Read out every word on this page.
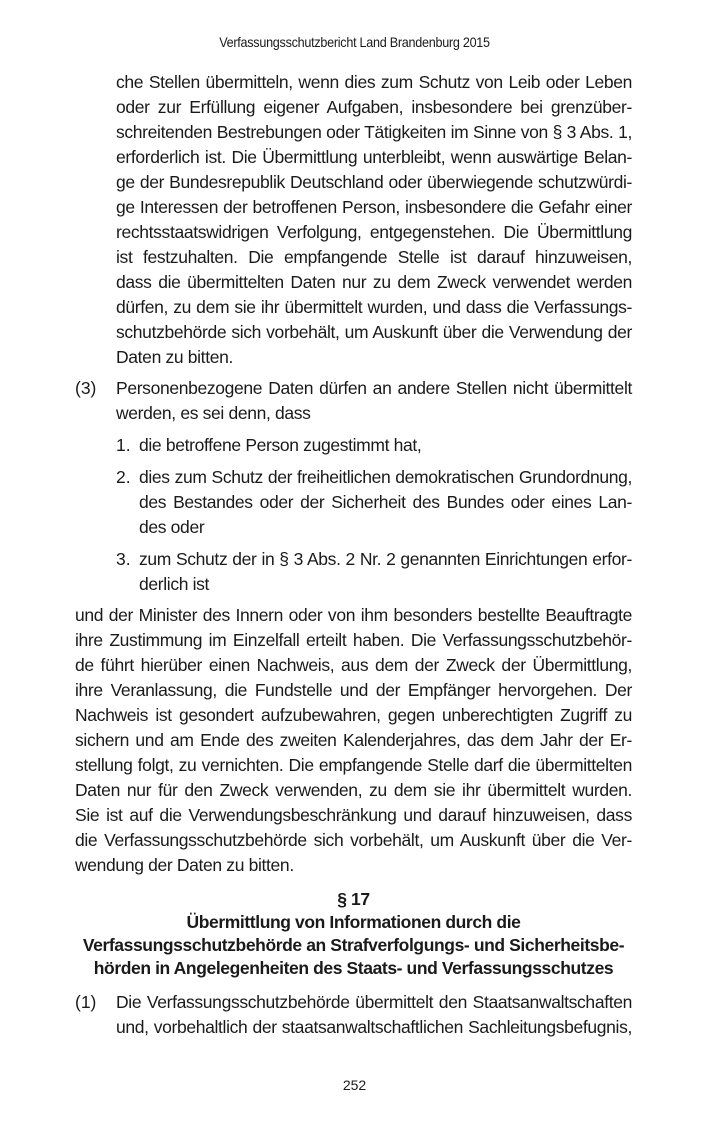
Verfassungsschutzbericht Land Brandenburg 2015
che Stellen übermitteln, wenn dies zum Schutz von Leib oder Leben
oder zur Erfüllung eigener Aufgaben, insbesondere bei grenzüber-
schreitenden Bestrebungen oder Tätigkeiten im Sinne von § 3 Abs. 1,
erforderlich ist. Die Übermittlung unterbleibt, wenn auswärtige Belan-
ge der Bundesrepublik Deutschland oder überwiegende schutzwürdi-
ge Interessen der betroffenen Person, insbesondere die Gefahr einer
rechtsstaatswidrigen Verfolgung, entgegenstehen. Die Übermittlung
ist festzuhalten. Die empfangende Stelle ist darauf hinzuweisen,
dass die übermittelten Daten nur zu dem Zweck verwendet werden
dürfen, zu dem sie ihr übermittelt wurden, und dass die Verfassungs-
schutzbehörde sich vorbehält, um Auskunft über die Verwendung der
Daten zu bitten.
(3) Personenbezogene Daten dürfen an andere Stellen nicht übermittelt
werden, es sei denn, dass
1. die betroffene Person zugestimmt hat,
2. dies zum Schutz der freiheitlichen demokratischen Grundordnung,
des Bestandes oder der Sicherheit des Bundes oder eines Lan-
des oder
3. zum Schutz der in § 3 Abs. 2 Nr. 2 genannten Einrichtungen erfor-
derlich ist
und der Minister des Innern oder von ihm besonders bestellte Beauftragte
ihre Zustimmung im Einzelfall erteilt haben. Die Verfassungsschutzbehör-
de führt hierüber einen Nachweis, aus dem der Zweck der Übermittlung,
ihre Veranlassung, die Fundstelle und der Empfänger hervorgehen. Der
Nachweis ist gesondert aufzubewahren, gegen unberechtigten Zugriff zu
sichern und am Ende des zweiten Kalenderjahres, das dem Jahr der Er-
stellung folgt, zu vernichten. Die empfangende Stelle darf die übermittelten
Daten nur für den Zweck verwenden, zu dem sie ihr übermittelt wurden.
Sie ist auf die Verwendungsbeschränkung und darauf hinzuweisen, dass
die Verfassungsschutzbehörde sich vorbehält, um Auskunft über die Ver-
wendung der Daten zu bitten.
§ 17
Übermittlung von Informationen durch die
Verfassungsschutzbehörde an Strafverfolgungs- und Sicherheitsbe-
hörden in Angelegenheiten des Staats- und Verfassungsschutzes
(1) Die Verfassungsschutzbehörde übermittelt den Staatsanwaltschaften
und, vorbehaltlich der staatsanwaltschaftlichen Sachleitungsbefugnis,
252
